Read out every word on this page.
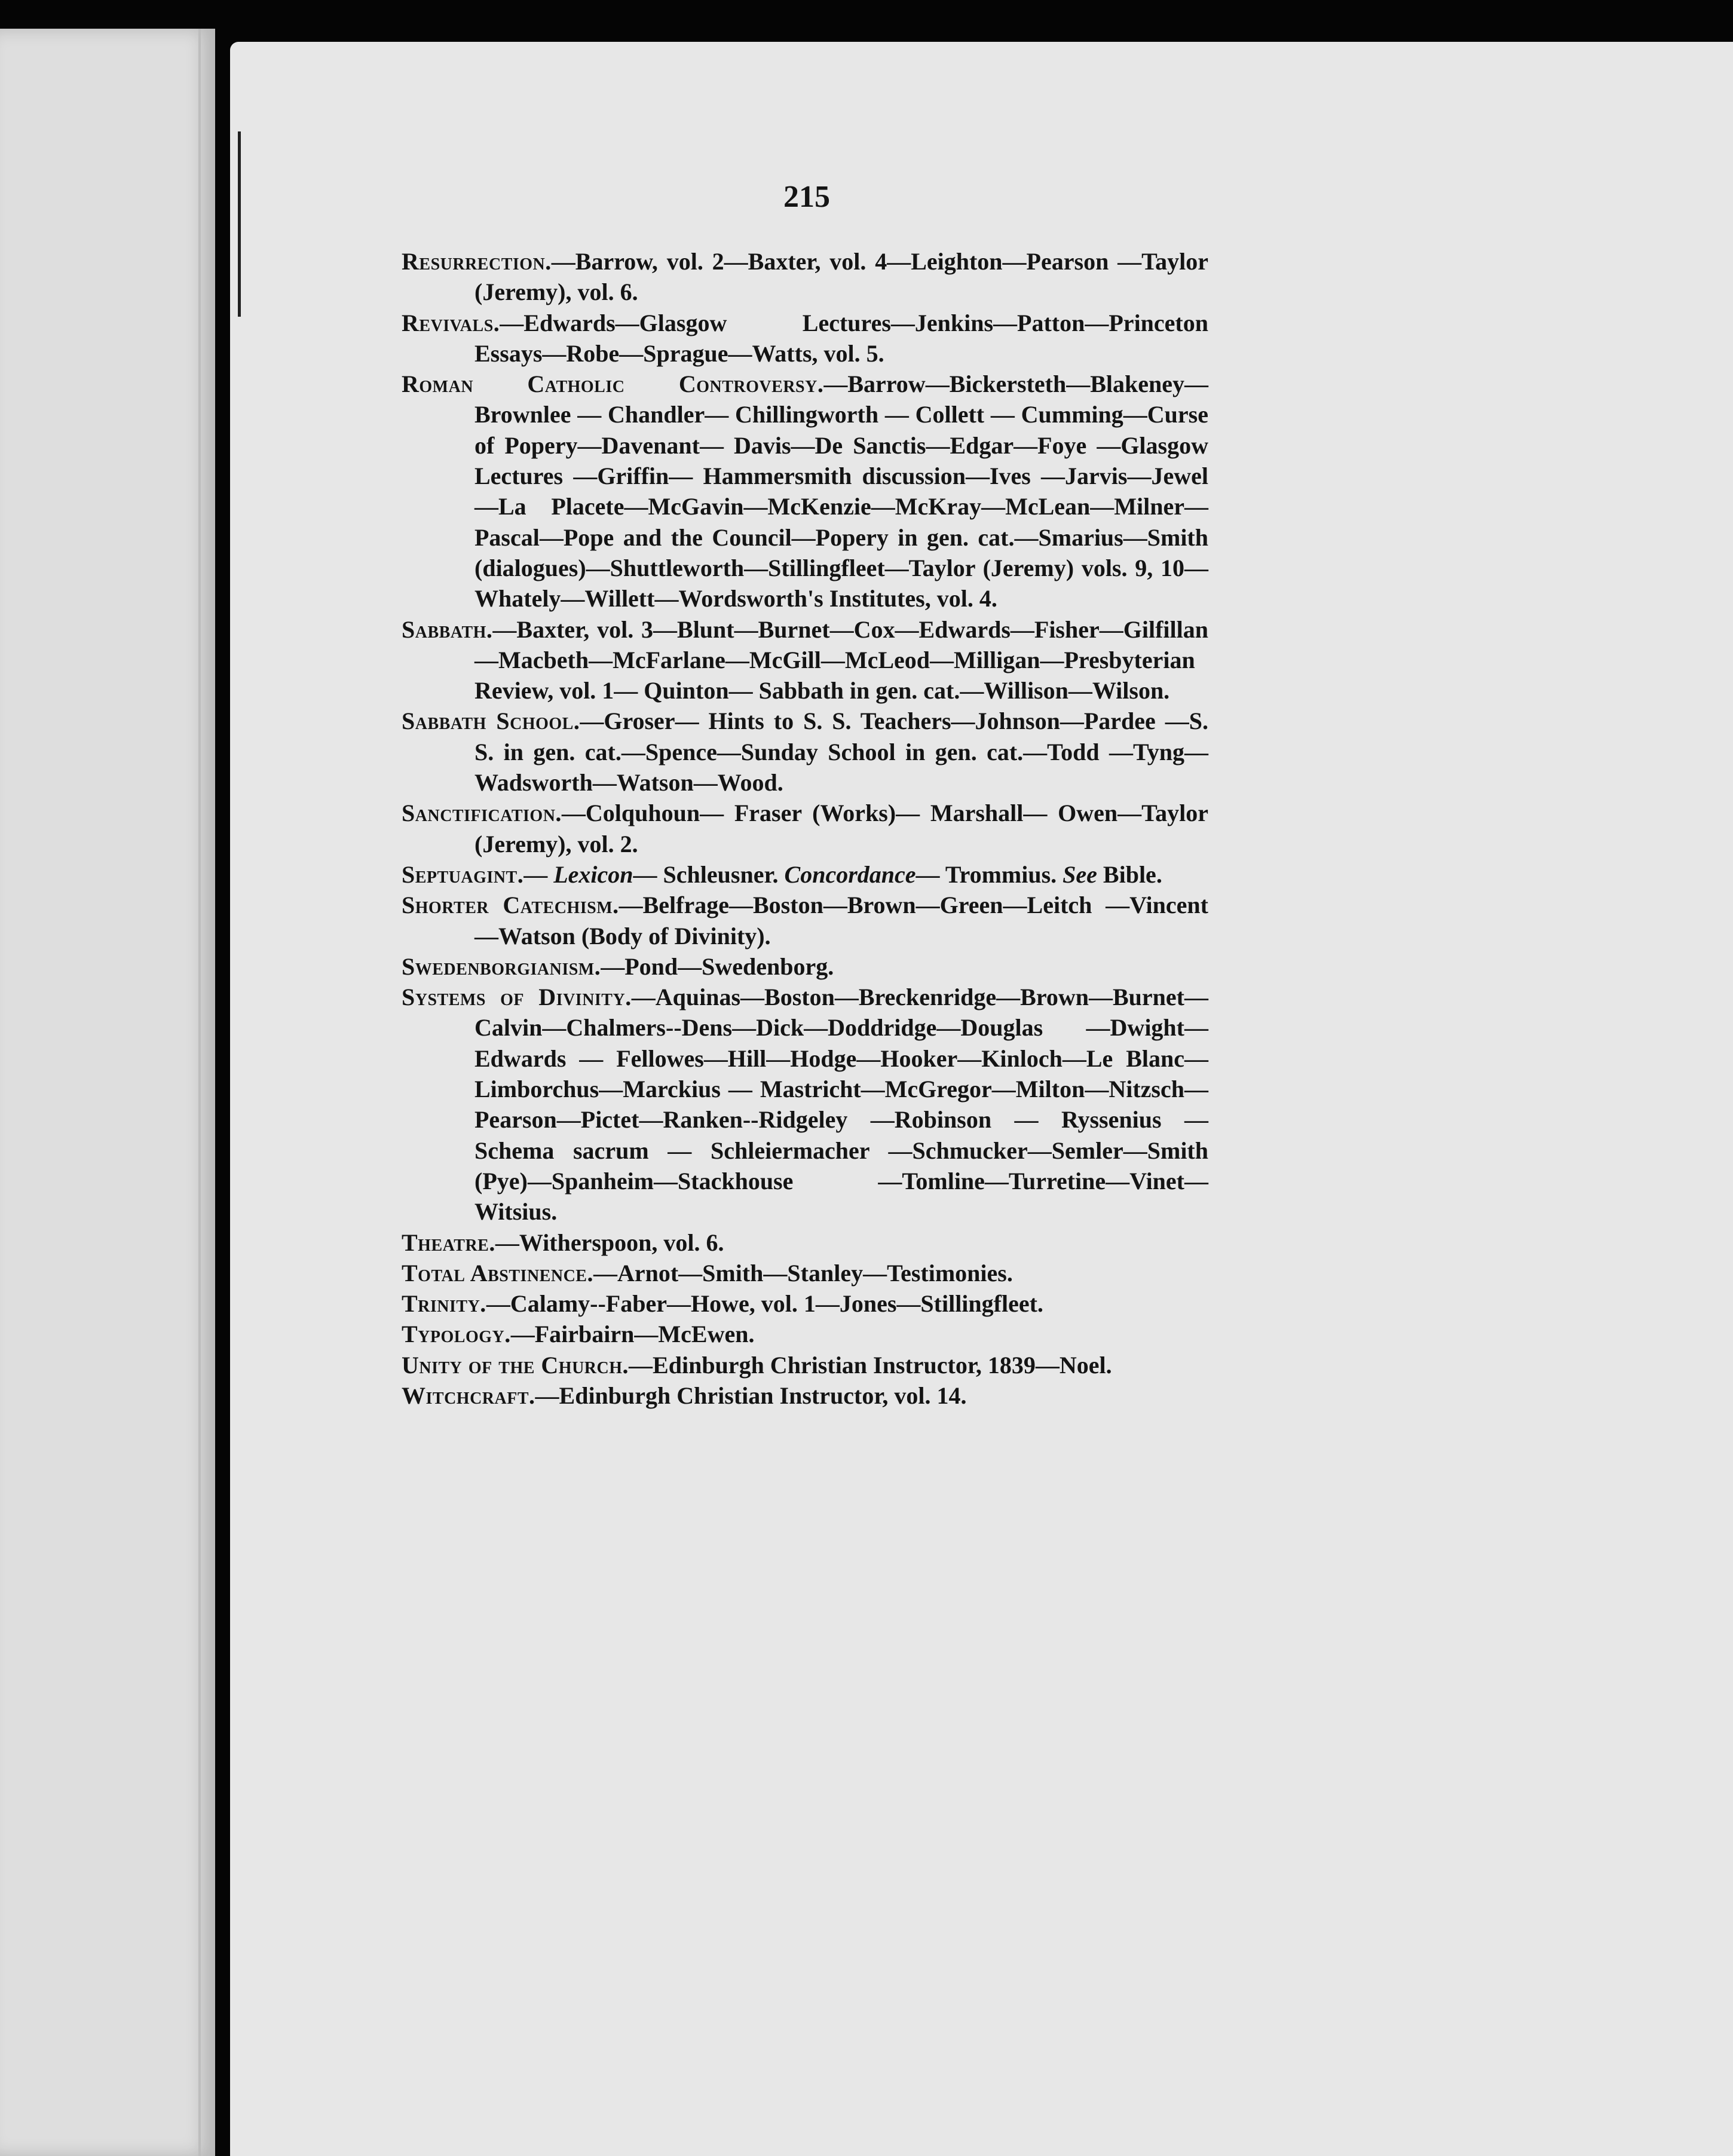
215
Resurrection.—Barrow, vol. 2—Baxter, vol. 4—Leighton—Pearson —Taylor (Jeremy), vol. 6.
Revivals.—Edwards—Glasgow Lectures—Jenkins—Patton—Princeton Essays—Robe—Sprague—Watts, vol. 5.
Roman Catholic Controversy.—Barrow—Bickersteth—Blakeney—Brownlee — Chandler— Chillingworth — Collett — Cumming—Curse of Popery—Davenant— Davis—De Sanctis—Edgar—Foye —Glasgow Lectures —Griffin— Hammersmith discussion—Ives —Jarvis—Jewel—La Placete—McGavin—McKenzie—McKray—McLean—Milner—Pascal—Pope and the Council—Popery in gen. cat.—Smarius—Smith (dialogues)—Shuttleworth—Stillingfleet—Taylor (Jeremy) vols. 9, 10—Whately—Willett—Wordsworth's Institutes, vol. 4.
Sabbath.—Baxter, vol. 3—Blunt—Burnet—Cox—Edwards—Fisher—Gilfillan—Macbeth—McFarlane—McGill—McLeod—Milligan—Presbyterian Review, vol. 1— Quinton— Sabbath in gen. cat.—Willison—Wilson.
Sabbath School.—Groser— Hints to S. S. Teachers—Johnson—Pardee —S. S. in gen. cat.—Spence—Sunday School in gen. cat.—Todd —Tyng—Wadsworth—Watson—Wood.
Sanctification.—Colquhoun— Fraser (Works)— Marshall— Owen—Taylor (Jeremy), vol. 2.
Septuagint.— Lexicon— Schleusner. Concordance— Trommius. See Bible.
Shorter Catechism.—Belfrage—Boston—Brown—Green—Leitch —Vincent—Watson (Body of Divinity).
Swedenborgianism.—Pond—Swedenborg.
Systems of Divinity.—Aquinas—Boston—Breckenridge—Brown—Burnet—Calvin—Chalmers--Dens—Dick—Doddridge—Douglas —Dwight—Edwards — Fellowes—Hill—Hodge—Hooker—Kinloch—Le Blanc—Limborchus—Marckius — Mastricht—McGregor—Milton—Nitzsch—Pearson—Pictet—Ranken--Ridgeley —Robinson — Ryssenius — Schema sacrum — Schleiermacher —Schmucker—Semler—Smith (Pye)—Spanheim—Stackhouse —Tomline—Turretine—Vinet—Witsius.
Theatre.—Witherspoon, vol. 6.
Total Abstinence.—Arnot—Smith—Stanley—Testimonies.
Trinity.—Calamy--Faber—Howe, vol. 1—Jones—Stillingfleet.
Typology.—Fairbairn—McEwen.
Unity of the Church.—Edinburgh Christian Instructor, 1839—Noel.
Witchcraft.—Edinburgh Christian Instructor, vol. 14.
